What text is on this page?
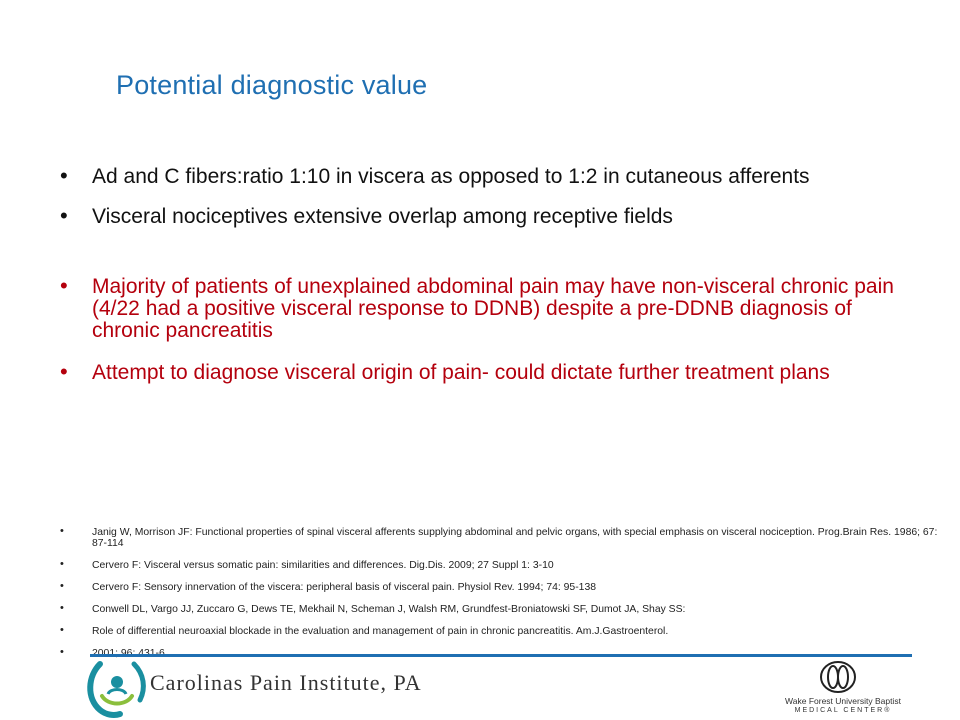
Potential diagnostic value
• Ad and C fibers:ratio 1:10 in viscera as opposed to 1:2 in cutaneous afferents
• Visceral nociceptives extensive overlap among receptive fields
• Majority of patients of unexplained abdominal pain may have non-visceral chronic pain (4/22 had a positive visceral response to DDNB) despite a pre-DDNB diagnosis of chronic pancreatitis
• Attempt to diagnose visceral origin of pain- could dictate further treatment plans
•	Janig W, Morrison JF: Functional properties of spinal visceral afferents supplying abdominal and pelvic organs, with special emphasis on visceral nociception. Prog.Brain Res. 1986; 67: 87-114
•	Cervero F: Visceral versus somatic pain: similarities and differences. Dig.Dis. 2009; 27 Suppl 1: 3-10
•	Cervero F: Sensory innervation of the viscera: peripheral basis of visceral pain. Physiol Rev. 1994; 74: 95-138
•	Conwell DL, Vargo JJ, Zuccaro G, Dews TE, Mekhail N, Scheman J, Walsh RM, Grundfest-Broniatowski SF, Dumot JA, Shay SS:
•	Role of differential neuroaxial blockade in the evaluation and management of pain in chronic pancreatitis. Am.J.Gastroenterol.
•
Carolinas Pain Institute, PA
Wake Forest University Baptist
MEDICAL CENTER®
